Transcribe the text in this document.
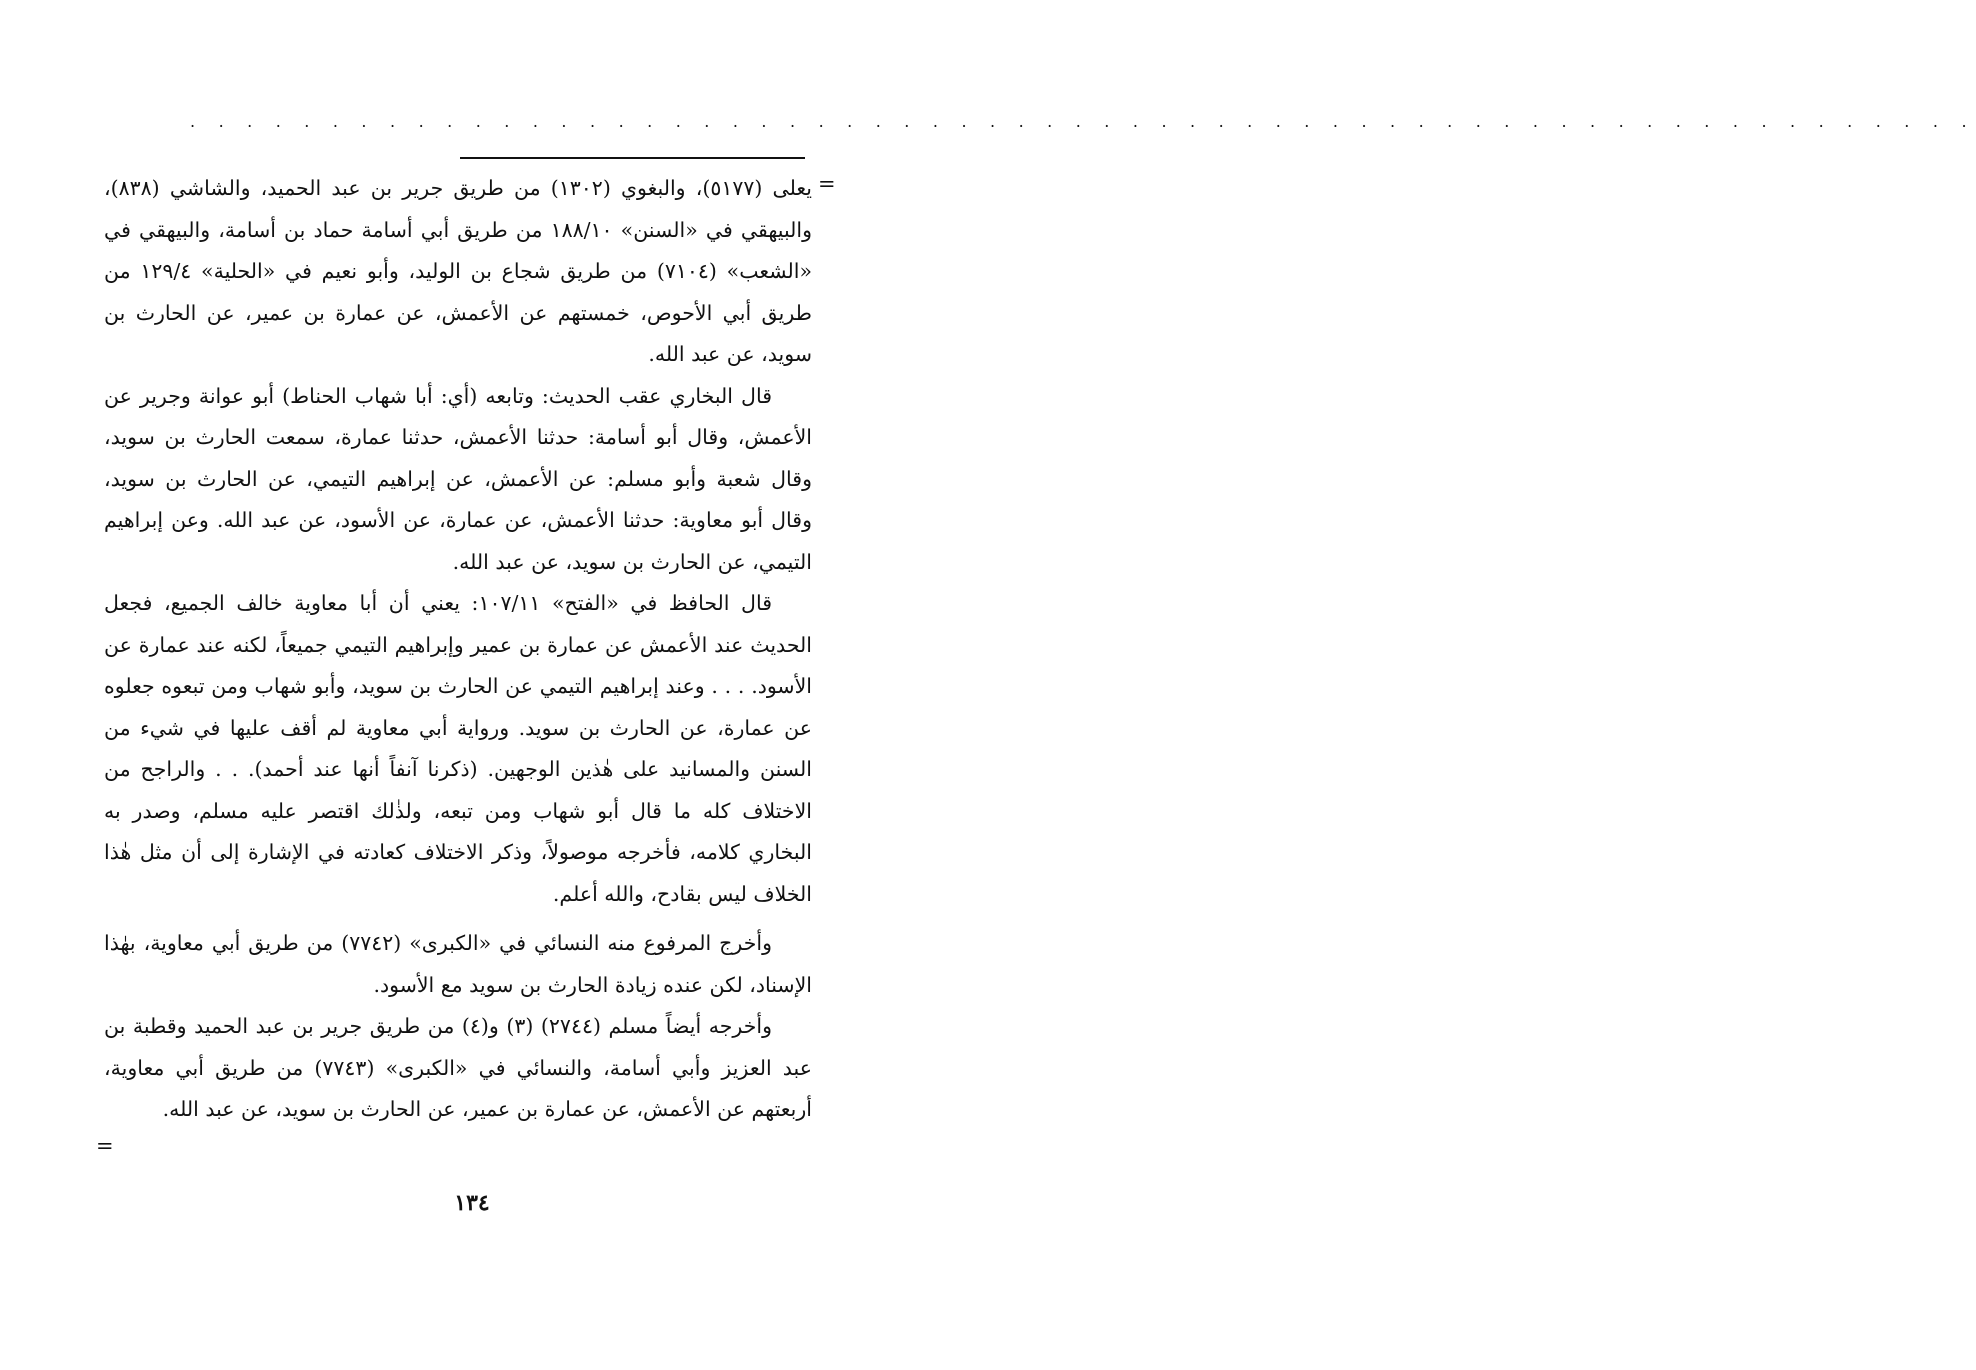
. . . . . . . . . . . . . . . . . . . . . . . . . . . . . . . . . . . . . . . . . . . . . . . . . . . . . . . . . . . . . . .
=

يعلى (٥١٧٧)، والبغوي (١٣٠٢) من طريق جرير بن عبد الحميد، والشاشي (٨٣٨)، والبيهقي في «السنن» ١٨٨/١٠ من طريق أبي أسامة حماد بن أسامة، والبيهقي في «الشعب» (٧١٠٤) من طريق شجاع بن الوليد، وأبو نعيم في «الحلية» ١٢٩/٤ من طريق أبي الأحوص، خمستهم عن الأعمش، عن عمارة بن عمير، عن الحارث بن سويد، عن عبد الله.

قال البخاري عقب الحديث: وتابعه (أي: أبا شهاب الحناط) أبو عوانة وجرير عن الأعمش، وقال أبو أسامة: حدثنا الأعمش، حدثنا عمارة، سمعت الحارث بن سويد، وقال شعبة وأبو مسلم: عن الأعمش، عن إبراهيم التيمي، عن الحارث بن سويد، وقال أبو معاوية: حدثنا الأعمش، عن عمارة، عن الأسود، عن عبد الله. وعن إبراهيم التيمي، عن الحارث بن سويد، عن عبد الله.

قال الحافظ في «الفتح» ١٠٧/١١: يعني أن أبا معاوية خالف الجميع، فجعل الحديث عند الأعمش عن عمارة بن عمير وإبراهيم التيمي جميعاً، لكنه عند عمارة عن الأسود. . . . وعند إبراهيم التيمي عن الحارث بن سويد، وأبو شهاب ومن تبعوه جعلوه عن عمارة، عن الحارث بن سويد. ورواية أبي معاوية لم أقف عليها في شيء من السنن والمسانيد على هٰذين الوجهين. (ذكرنا آنفاً أنها عند أحمد). . . والراجح من الاختلاف كله ما قال أبو شهاب ومن تبعه، ولذٰلك اقتصر عليه مسلم، وصدر به البخاري كلامه، فأخرجه موصولاً، وذكر الاختلاف كعادته في الإشارة إلى أن مثل هٰذا الخلاف ليس بقادح، والله أعلم.

وأخرج المرفوع منه النسائي في «الكبرى» (٧٧٤٢) من طريق أبي معاوية، بهٰذا الإسناد، لكن عنده زيادة الحارث بن سويد مع الأسود.

وأخرجه أيضاً مسلم (٢٧٤٤) (٣) و(٤) من طريق جرير بن عبد الحميد وقطبة بن عبد العزيز وأبي أسامة، والنسائي في «الكبرى» (٧٧٤٣) من طريق أبي معاوية، أربعتهم عن الأعمش، عن عمارة بن عمير، عن الحارث بن سويد، عن عبد الله.

=
١٣٤
